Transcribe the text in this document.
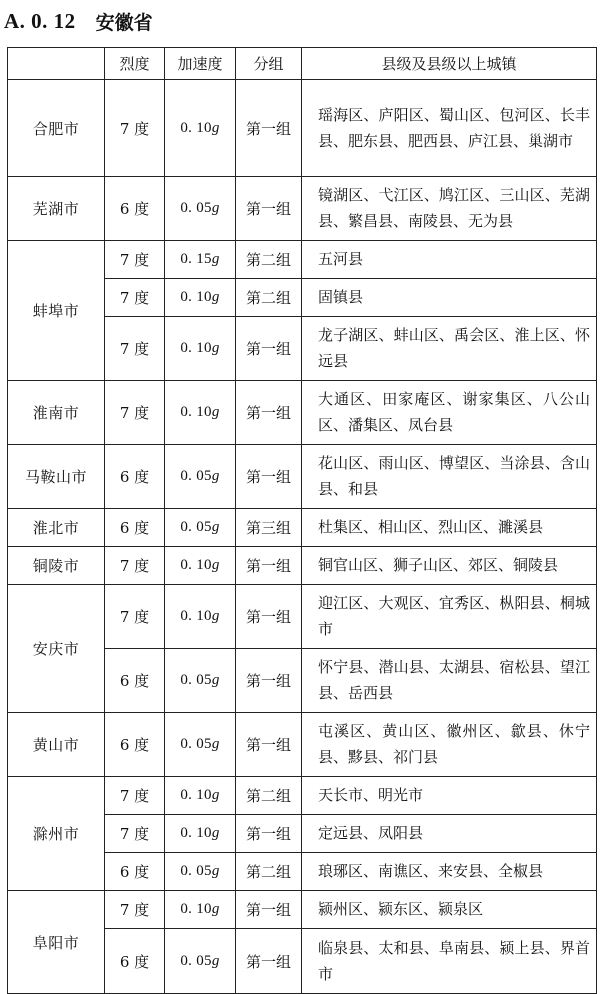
A. 0. 12 安徽省
	烈度	加速度	分组	县级及县级以上城镇
合肥市	7 度	0. 10g	第一组	瑶海区、庐阳区、蜀山区、包河区、长丰县、肥东县、肥西县、庐江县、巢湖市
芜湖市	6 度	0. 05g	第一组	镜湖区、弋江区、鸠江区、三山区、芜湖县、繁昌县、南陵县、无为县
蚌埠市	7 度	0. 15g	第二组	五河县
	7 度	0. 10g	第二组	固镇县
	7 度	0. 10g	第一组	龙子湖区、蚌山区、禹会区、淮上区、怀远县
淮南市	7 度	0. 10g	第一组	大通区、田家庵区、谢家集区、八公山区、潘集区、凤台县
马鞍山市	6 度	0. 05g	第一组	花山区、雨山区、博望区、当涂县、含山县、和县
淮北市	6 度	0. 05g	第三组	杜集区、相山区、烈山区、濉溪县
铜陵市	7 度	0. 10g	第一组	铜官山区、狮子山区、郊区、铜陵县
安庆市	7 度	0. 10g	第一组	迎江区、大观区、宜秀区、枞阳县、桐城市
	6 度	0. 05g	第一组	怀宁县、潜山县、太湖县、宿松县、望江县、岳西县
黄山市	6 度	0. 05g	第一组	屯溪区、黄山区、徽州区、歙县、休宁县、黟县、祁门县
滁州市	7 度	0. 10g	第二组	天长市、明光市
	7 度	0. 10g	第一组	定远县、凤阳县
	6 度	0. 05g	第二组	琅琊区、南谯区、来安县、全椒县
阜阳市	7 度	0. 10g	第一组	颍州区、颍东区、颍泉区
	6 度	0. 05g	第一组	临泉县、太和县、阜南县、颍上县、界首市
